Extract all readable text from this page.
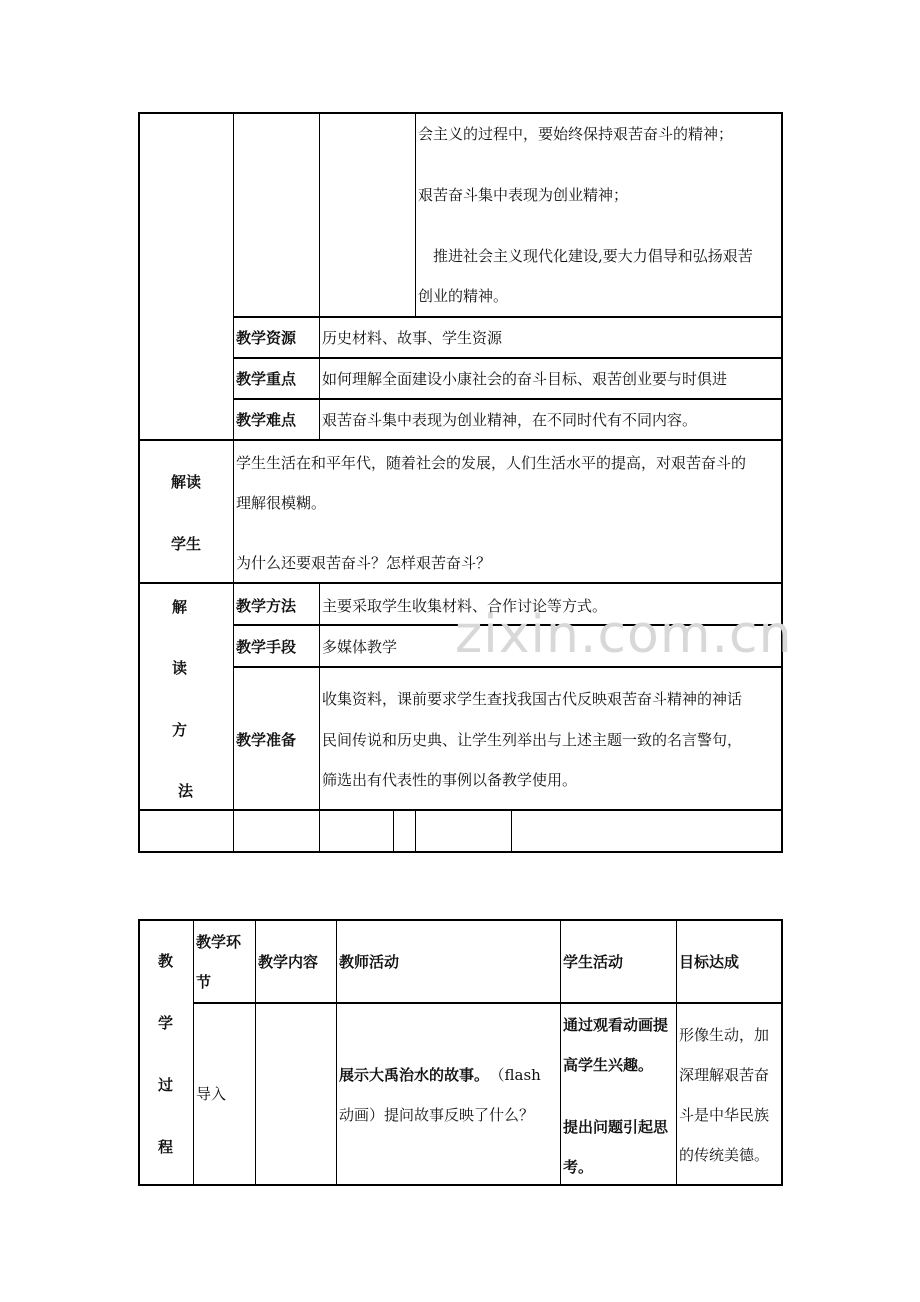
会主义的过程中，要始终保持艰苦奋斗的精神；
艰苦奋斗集中表现为创业精神；
推进社会主义现代化建设,要大力倡导和弘扬艰苦
创业的精神。
教学资源 历史材料、故事、学生资源
教学重点 如何理解全面建设小康社会的奋斗目标、艰苦创业要与时俱进
教学难点 艰苦奋斗集中表现为创业精神，在不同时代有不同内容。
解读
学生
学生生活在和平年代，随着社会的发展，人们生活水平的提高，对艰苦奋斗的
理解很模糊。
为什么还要艰苦奋斗？怎样艰苦奋斗？
解
读
方
法
教学方法 主要采取学生收集材料、合作讨论等方式。
教学手段 多媒体教学
教学准备
收集资料，课前要求学生查找我国古代反映艰苦奋斗精神的神话
民间传说和历史典、让学生列举出与上述主题一致的名言警句，
筛选出有代表性的事例以备教学使用。
zixin.com.cn
教
学
过
程
教学环
节
教学内容 教师活动	学生活动	目标达成
导入
展示大禹治水的故事。 （flash
动画）提问故事反映了什么？
通过观看动画提
高学生兴趣。
提出问题引起思
考。
形像生动，加
深理解艰苦奋
斗是中华民族
的传统美德。
